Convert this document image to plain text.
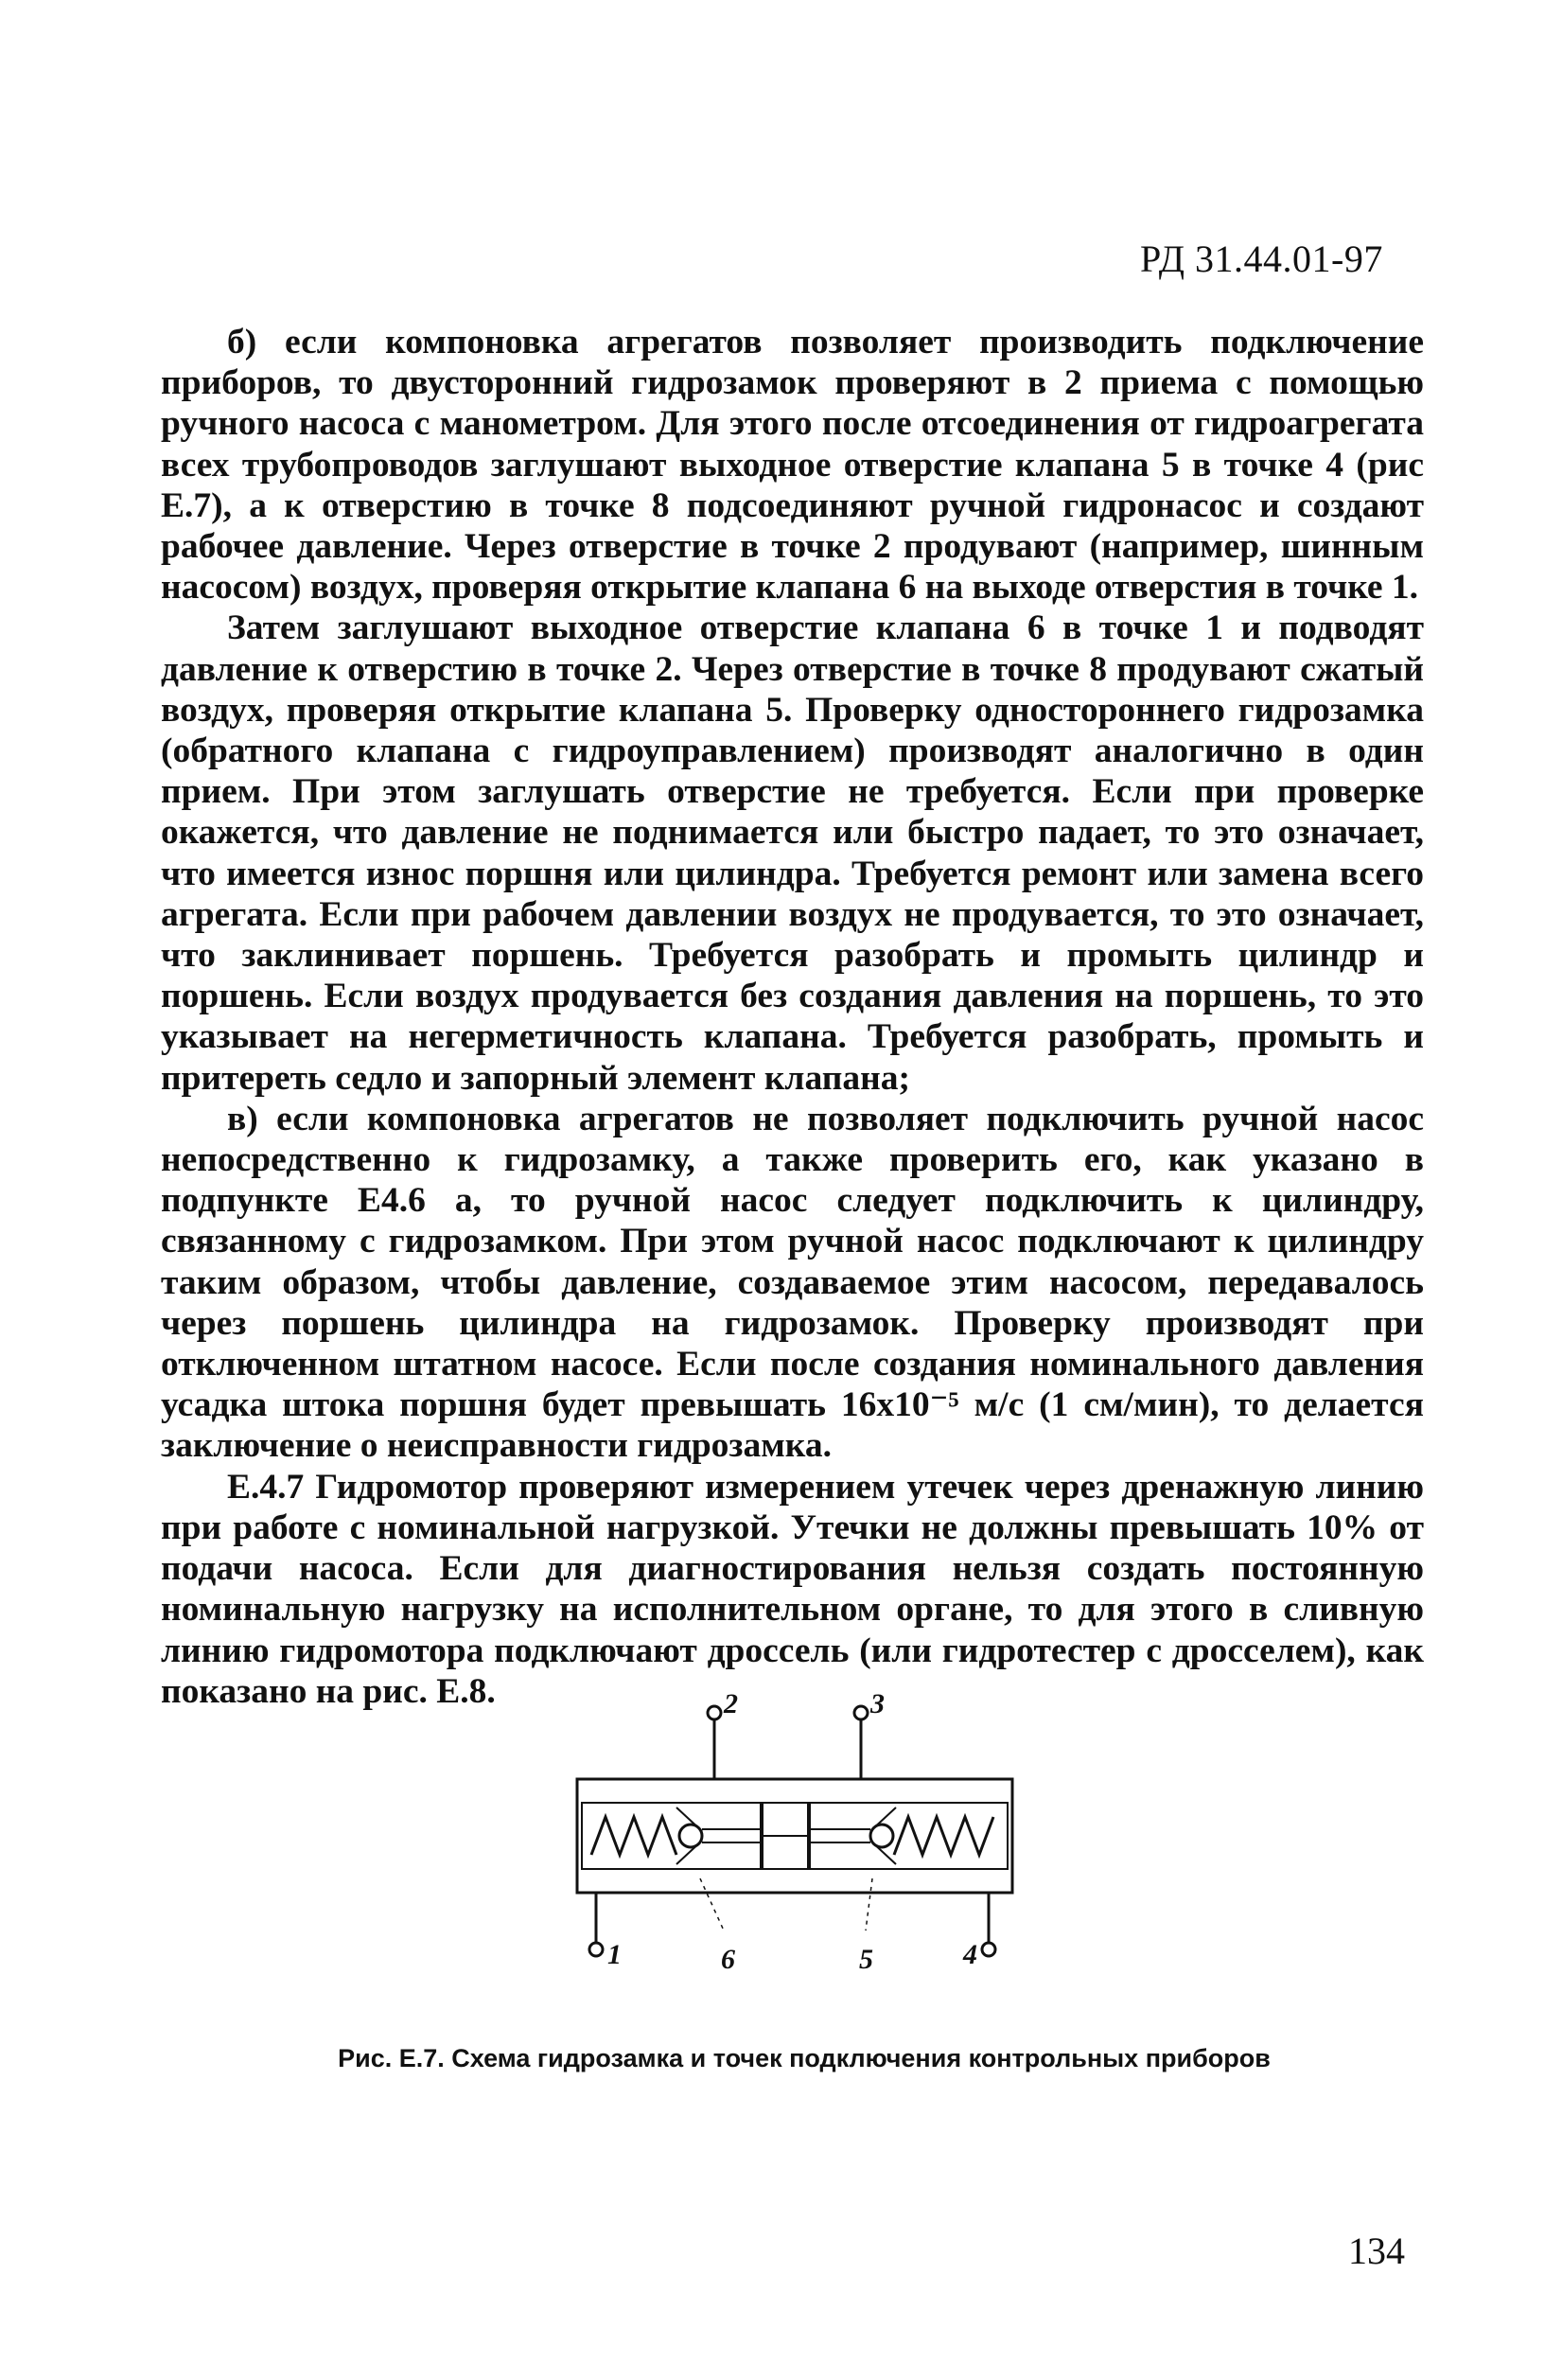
РД 31.44.01-97

б) если компоновка агрегатов позволяет производить подключение приборов, то двусторонний гидрозамок проверяют в 2 приема с помощью ручного насоса с манометром. Для этого после отсоединения от гидроагрегата всех трубопроводов заглушают выходное отверстие клапана 5 в точке 4 (рис Е.7), а к отверстию в точке 8 подсоединяют ручной гидронасос и создают рабочее давление. Через отверстие в точке 2 продувают (например, шинным насосом) воздух, проверяя открытие клапана 6 на выходе отверстия в точке 1.

Затем заглушают выходное отверстие клапана 6 в точке 1 и подводят давление к отверстию в точке 2. Через отверстие в точке 8 продувают сжатый воздух, проверяя открытие клапана 5. Проверку одностороннего гидрозамка (обратного клапана с гидроуправлением) производят аналогично в один прием. При этом заглушать отверстие не требуется. Если при проверке окажется, что давление не поднимается или быстро падает, то это означает, что имеется износ поршня или цилиндра. Требуется ремонт или замена всего агрегата. Если при рабочем давлении воздух не продувается, то это означает, что заклинивает поршень. Требуется разобрать и промыть цилиндр и поршень. Если воздух продувается без создания давления на поршень, то это указывает на негерметичность клапана. Требуется разобрать, промыть и притереть седло и запорный элемент клапана;

в) если компоновка агрегатов не позволяет подключить ручной насос непосредственно к гидрозамку, а также проверить его, как указано в подпункте Е4.6 а, то ручной насос следует подключить к цилиндру, связанному с гидрозамком. При этом ручной насос подключают к цилиндру таким образом, чтобы давление, создаваемое этим насосом, передавалось через поршень цилиндра на гидрозамок. Проверку производят при отключенном штатном насосе. Если после создания номинального давления усадка штока поршня будет превышать 16x10⁻⁵ м/с (1 см/мин), то делается заключение о неисправности гидрозамка.

Е.4.7 Гидромотор проверяют измерением утечек через дренажную линию при работе с номинальной нагрузкой. Утечки не должны превышать 10% от подачи насоса. Если для диагностирования нельзя создать постоянную номинальную нагрузку на исполнительном органе, то для этого в сливную линию гидромотора подключают дроссель (или гидротестер с дросселем), как показано на рис. Е.8.	2	3
1	6	5	4
Рис. Е.7. Схема гидрозамка и точек подключения контрольных приборов
134
